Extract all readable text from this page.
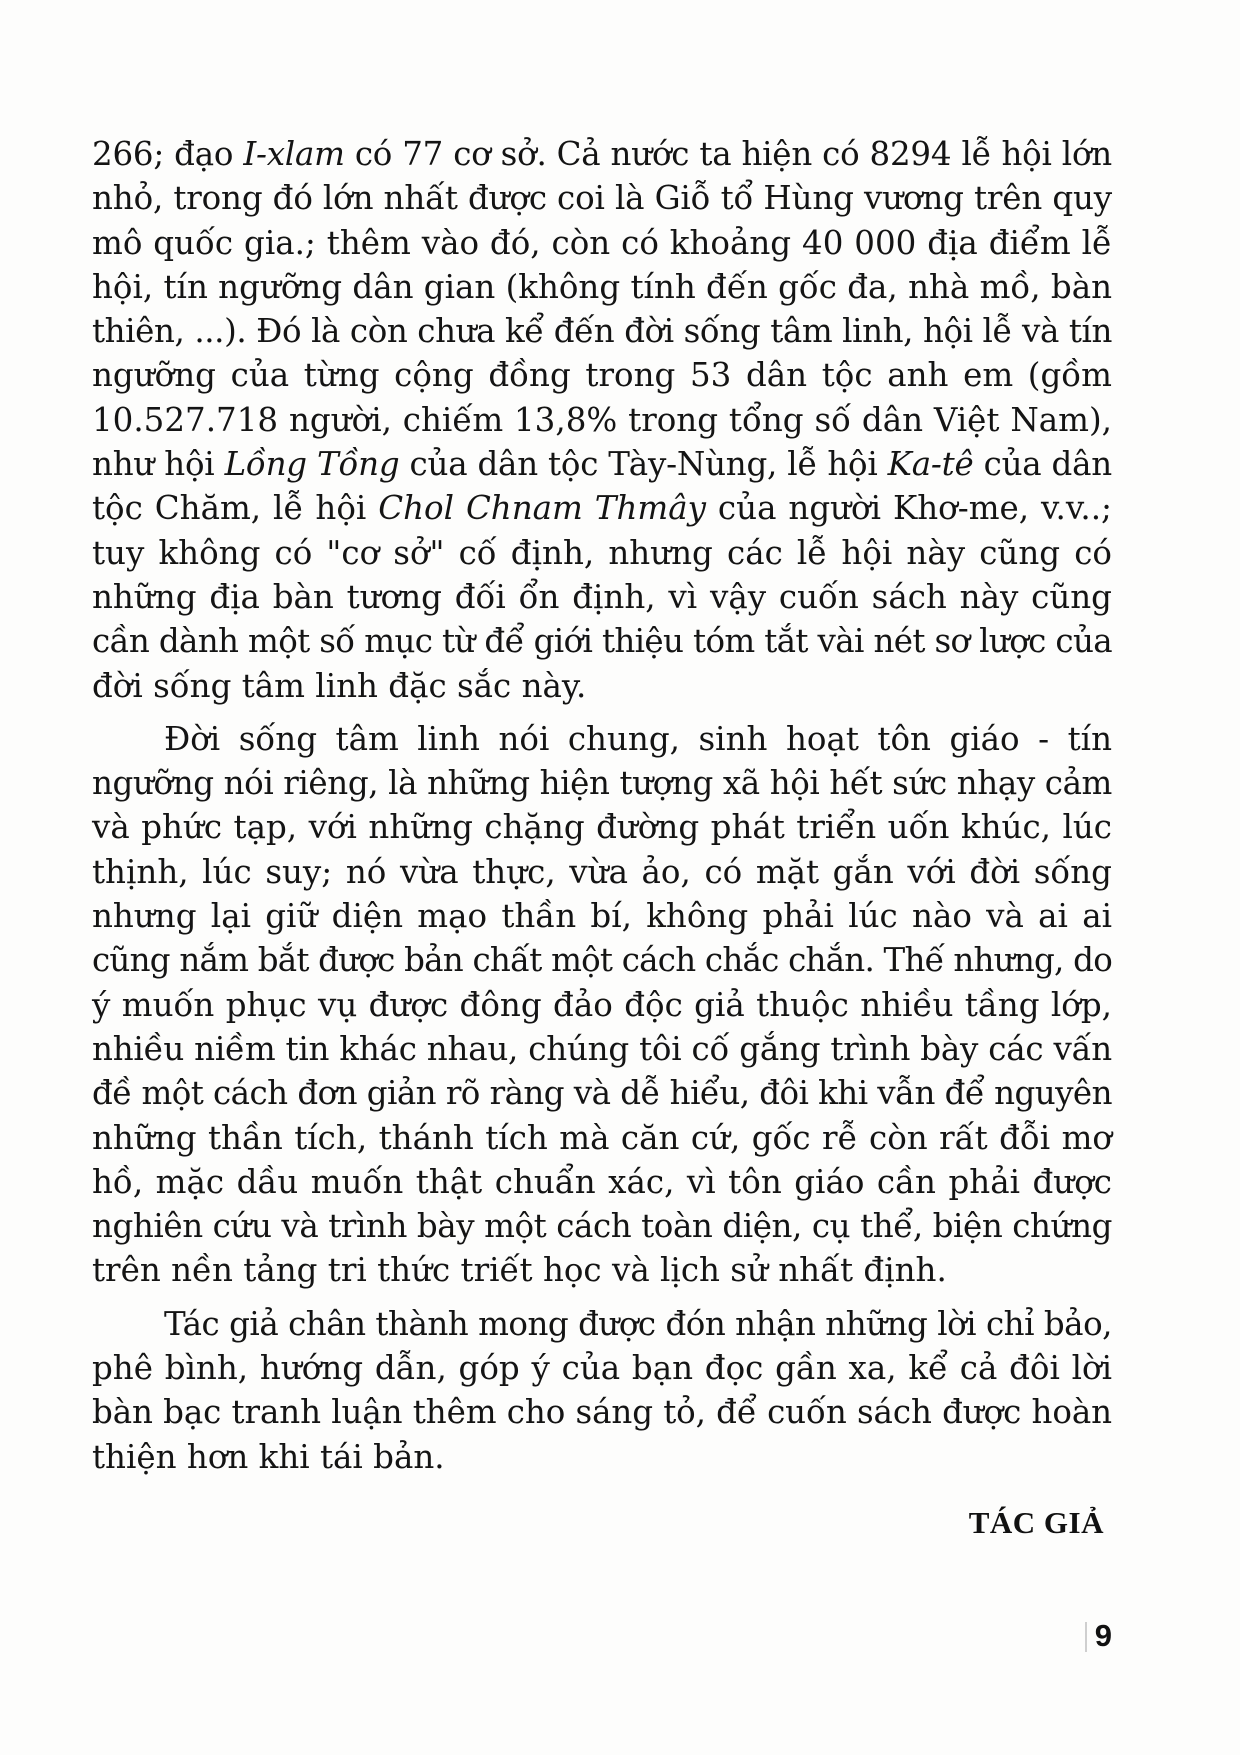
266; đạo I-xlam có 77 cơ sở. Cả nước ta hiện có 8294 lễ hội lớn
nhỏ, trong đó lớn nhất được coi là Giỗ tổ Hùng vương trên quy
mô quốc gia.; thêm vào đó, còn có khoảng 40 000 địa điểm lễ
hội, tín ngưỡng dân gian (không tính đến gốc đa, nhà mồ, bàn
thiên, ...). Đó là còn chưa kể đến đời sống tâm linh, hội lễ và tín
ngưỡng của từng cộng đồng trong 53 dân tộc anh em (gồm
10.527.718 người, chiếm 13,8% trong tổng số dân Việt Nam),
như hội Lồng Tồng của dân tộc Tày-Nùng, lễ hội Ka-tê của dân
tộc Chăm, lễ hội Chol Chnam Thmây của người Khơ-me, v.v..;
tuy không có "cơ sở" cố định, nhưng các lễ hội này cũng có
những địa bàn tương đối ổn định, vì vậy cuốn sách này cũng
cần dành một số mục từ để giới thiệu tóm tắt vài nét sơ lược của
đời sống tâm linh đặc sắc này.
Đời sống tâm linh nói chung, sinh hoạt tôn giáo - tín
ngưỡng nói riêng, là những hiện tượng xã hội hết sức nhạy cảm
và phức tạp, với những chặng đường phát triển uốn khúc, lúc
thịnh, lúc suy; nó vừa thực, vừa ảo, có mặt gắn với đời sống
nhưng lại giữ diện mạo thần bí, không phải lúc nào và ai ai
cũng nắm bắt được bản chất một cách chắc chắn. Thế nhưng, do
ý muốn phục vụ được đông đảo độc giả thuộc nhiều tầng lớp,
nhiều niềm tin khác nhau, chúng tôi cố gắng trình bày các vấn
đề một cách đơn giản rõ ràng và dễ hiểu, đôi khi vẫn để nguyên
những thần tích, thánh tích mà căn cứ, gốc rễ còn rất đỗi mơ
hồ, mặc dầu muốn thật chuẩn xác, vì tôn giáo cần phải được
nghiên cứu và trình bày một cách toàn diện, cụ thể, biện chứng
trên nền tảng tri thức triết học và lịch sử nhất định.
Tác giả chân thành mong được đón nhận những lời chỉ bảo,
phê bình, hướng dẫn, góp ý của bạn đọc gần xa, kể cả đôi lời
bàn bạc tranh luận thêm cho sáng tỏ, để cuốn sách được hoàn
thiện hơn khi tái bản.
TÁC GIẢ
9
